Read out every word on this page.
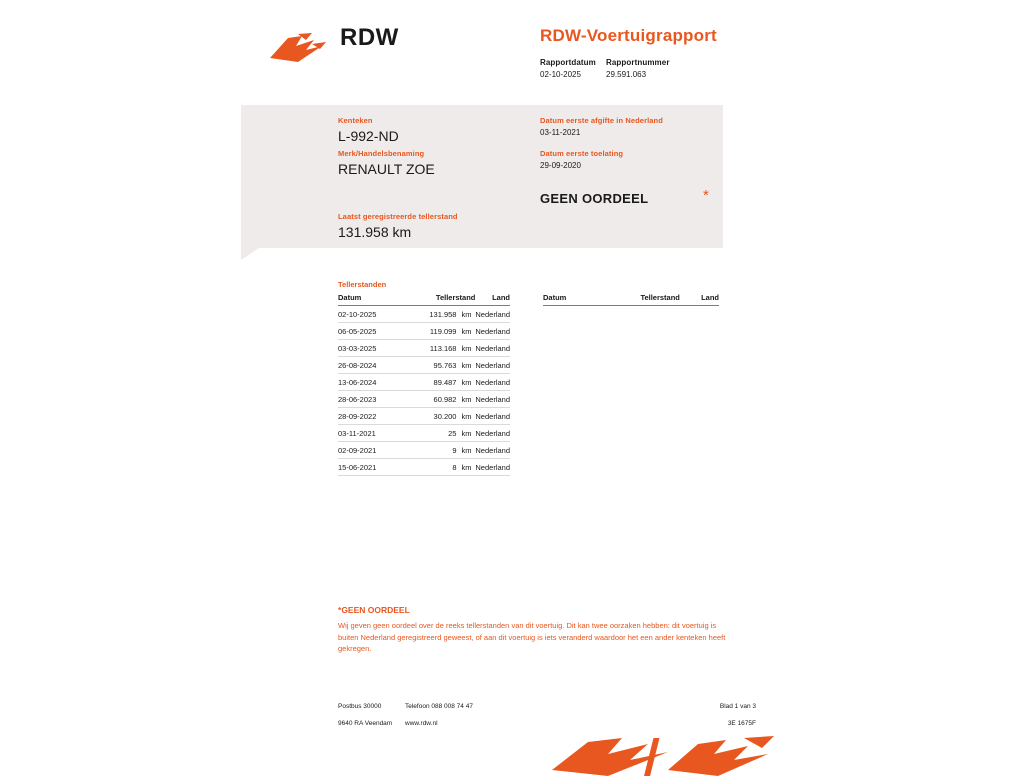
RDW	RDW-Voertuigrapport
Rapportdatum
02-10-2025
Rapportnummer
29.591.063
Kenteken
L-992-ND
Merk/Handelsbenaming
RENAULT ZOE
Laatst geregistreerde tellerstand
131.958 km
Datum eerste afgifte in Nederland
03-11-2021
Datum eerste toelating
29-09-2020
GEEN OORDEEL	*
Tellerstanden
Datum	Tellerstand		Land
02-10-2025	131.958	km	Nederland
06-05-2025	119.099	km	Nederland
03-03-2025	113.168	km	Nederland
26-08-2024	95.763	km	Nederland
13-06-2024	89.487	km	Nederland
28-06-2023	60.982	km	Nederland
28-09-2022	30.200	km	Nederland
03-11-2021	25	km	Nederland
02-09-2021	9	km	Nederland
15-06-2021	8	km	Nederland
Datum	Tellerstand	Land
*GEEN OORDEEL
Wij geven geen oordeel over de reeks tellerstanden van dit voertuig. Dit kan twee oorzaken hebben: dit voertuig is buiten Nederland geregistreerd geweest, of aan dit voertuig is iets veranderd waardoor het een ander kenteken heeft gekregen.
Postbus 30000
9640 RA Veendam
Telefoon 088 008 74 47
www.rdw.nl
Blad 1 van 3
3E 1675F
